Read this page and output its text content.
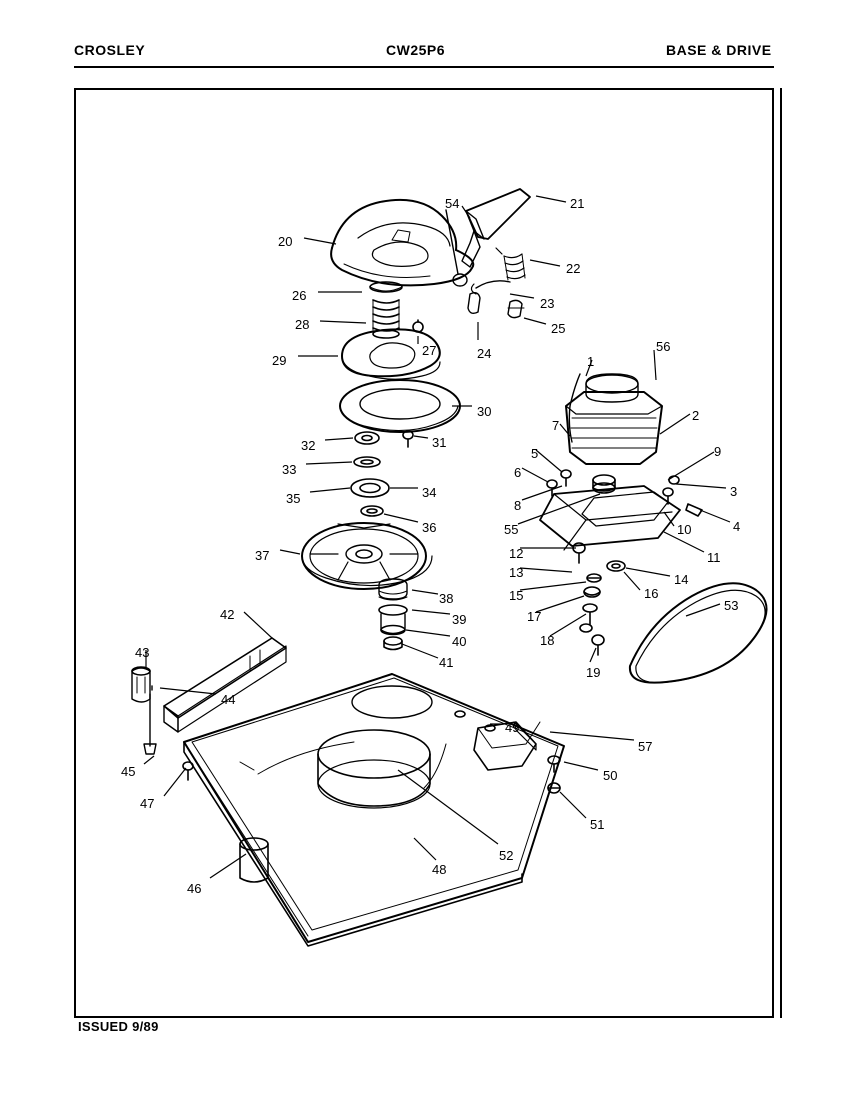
CROSLEY	CW25P6	BASE & DRIVE
54	21
20
22
26
23
28	25
27	24
29	1
56
7
2
30
9
32	31
5
33	6
3
35	34
8
10	4
55
36
11
37	12
13	14
16
15
38
17
53
39
42
18
40
41
19
43
44
49
57
45	50
47
51
52
48
46
ISSUED 9/89
